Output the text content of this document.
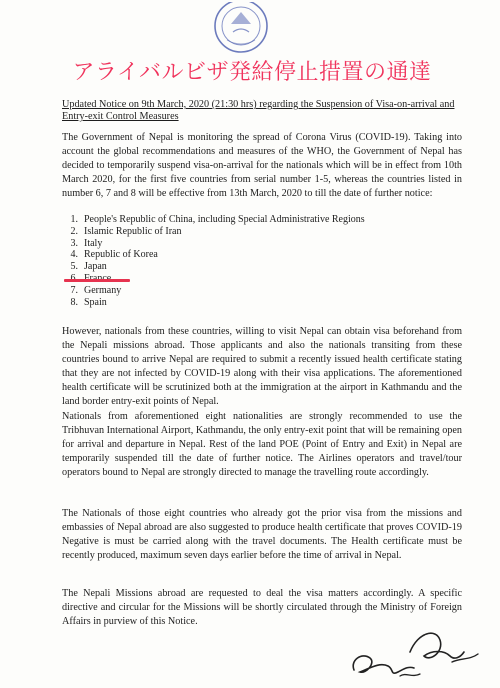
アライバルビザ発給停止措置の通達
Updated Notice on 9th March, 2020 (21:30 hrs) regarding the Suspension of Visa-on-arrival and Entry-exit Control Measures
The Government of Nepal is monitoring the spread of Corona Virus (COVID-19). Taking into account the global recommendations and measures of the WHO, the Government of Nepal has decided to temporarily suspend visa-on-arrival for the nationals which will be in effect from 10th March 2020, for the first five countries from serial number 1-5, whereas the countries listed in number 6, 7 and 8 will be effective from 13th March, 2020 to till the date of further notice:
1. People's Republic of China, including Special Administrative Regions
2. Islamic Republic of Iran
3. Italy
4. Republic of Korea
5. Japan
7. Germany
8. Spain
However, nationals from these countries, willing to visit Nepal can obtain visa beforehand from the Nepali missions abroad. Those applicants and also the nationals transiting from these countries bound to arrive Nepal are required to submit a recently issued health certificate stating that they are not infected by COVID-19 along with their visa applications. The aforementioned health certificate will be scrutinized both at the immigration at the airport in Kathmandu and the land border entry-exit points of Nepal.
Nationals from aforementioned eight nationalities are strongly recommended to use the Tribhuvan International Airport, Kathmandu, the only entry-exit point that will be remaining open for arrival and departure in Nepal. Rest of the land POE (Point of Entry and Exit) in Nepal are temporarily suspended till the date of further notice. The Airlines operators and travel/tour operators bound to Nepal are strongly directed to manage the travelling route accordingly.
The Nationals of those eight countries who already got the prior visa from the missions and embassies of Nepal abroad are also suggested to produce health certificate that proves COVID-19 Negative is must be carried along with the travel documents. The Health certificate must be recently produced, maximum seven days earlier before the time of arrival in Nepal.
The Nepali Missions abroad are requested to deal the visa matters accordingly. A specific directive and circular for the Missions will be shortly circulated through the Ministry of Foreign Affairs in purview of this Notice.
